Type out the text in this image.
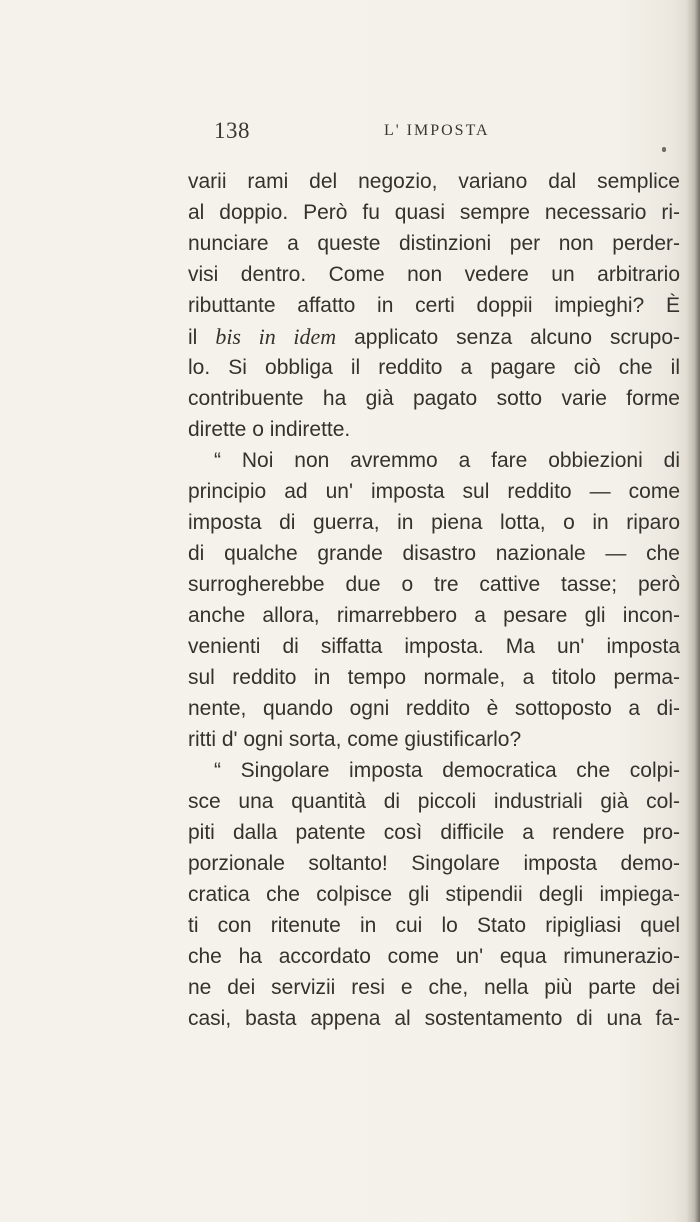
138	L' IMPOSTA
varii rami del negozio, variano dal semplice
al doppio. Però fu quasi sempre necessario ri-
nunciare a queste distinzioni per non perder-
visi dentro. Come non vedere un arbitrario
ributtante affatto in certi doppii impieghi? È
il bis in idem applicato senza alcuno scrupo-
lo. Si obbliga il reddito a pagare ciò che il
contribuente ha già pagato sotto varie forme
dirette o indirette.
“ Noi non avremmo a fare obbiezioni di
principio ad un' imposta sul reddito — come
imposta di guerra, in piena lotta, o in riparo
di qualche grande disastro nazionale — che
surrogherebbe due o tre cattive tasse; però
anche allora, rimarrebbero a pesare gli incon-
venienti di siffatta imposta. Ma un' imposta
sul reddito in tempo normale, a titolo perma-
nente, quando ogni reddito è sottoposto a di-
ritti d' ogni sorta, come giustificarlo?
“ Singolare imposta democratica che colpi-
sce una quantità di piccoli industriali già col-
piti dalla patente così difficile a rendere pro-
porzionale soltanto! Singolare imposta demo-
cratica che colpisce gli stipendii degli impiega-
ti con ritenute in cui lo Stato ripigliasi quel
che ha accordato come un' equa rimunerazio-
ne dei servizii resi e che, nella più parte dei
casi, basta appena al sostentamento di una fa-
